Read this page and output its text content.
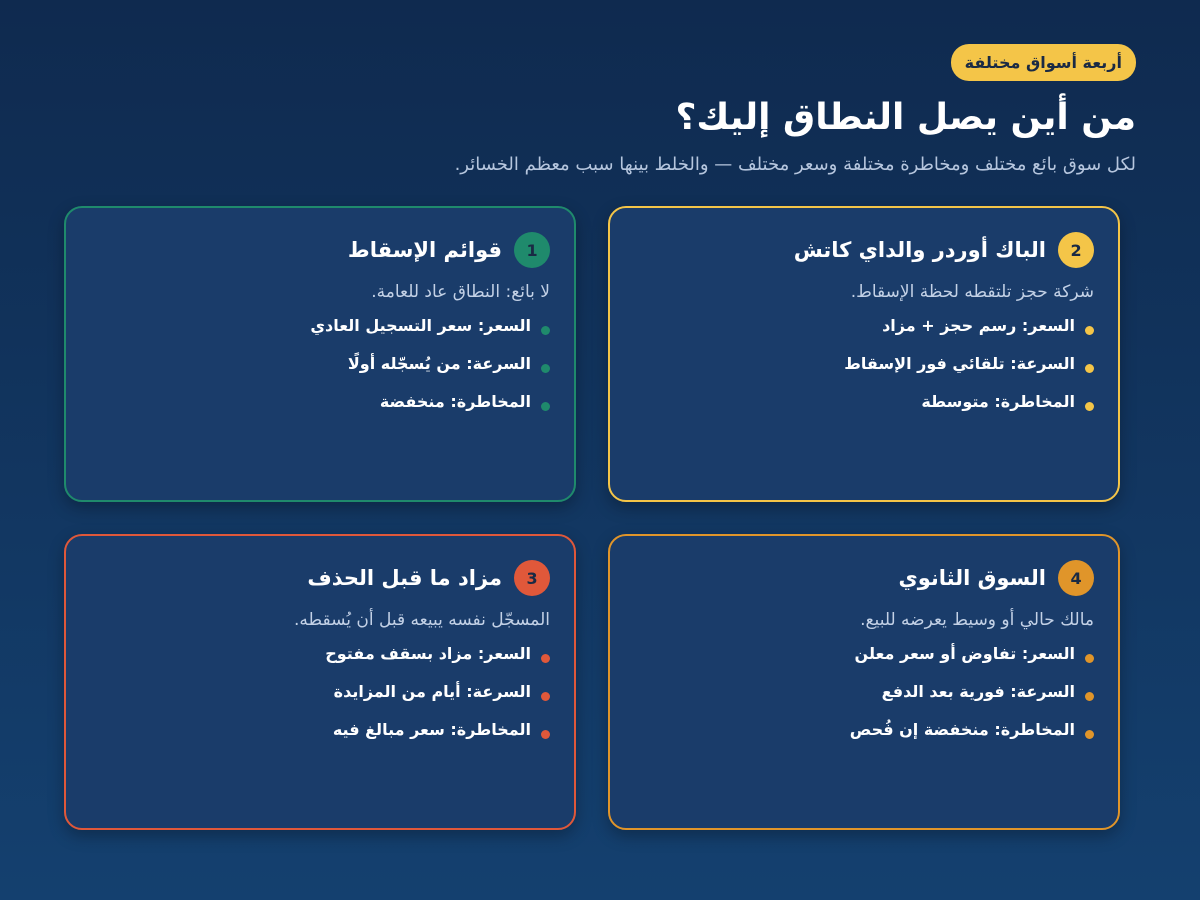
أربعة أسواق مختلفة
من أين يصل النطاق إليك؟

لكل سوق بائع مختلف ومخاطرة مختلفة وسعر مختلف — والخلط بينها سبب معظم الخسائر.

2
الباك أوردر والداي كاتش
شركة حجز تلتقطه لحظة الإسقاط.
السعر: رسم حجز + مزاد
السرعة: تلقائي فور الإسقاط
المخاطرة: متوسطة
1
قوائم الإسقاط
لا بائع: النطاق عاد للعامة.
السعر: سعر التسجيل العادي
السرعة: من يُسجّله أولًا
المخاطرة: منخفضة
4
السوق الثانوي
مالك حالي أو وسيط يعرضه للبيع.
السعر: تفاوض أو سعر معلن
السرعة: فورية بعد الدفع
المخاطرة: منخفضة إن فُحص
3
مزاد ما قبل الحذف
المسجّل نفسه يبيعه قبل أن يُسقطه.
السعر: مزاد بسقف مفتوح
السرعة: أيام من المزايدة
المخاطرة: سعر مبالغ فيه
